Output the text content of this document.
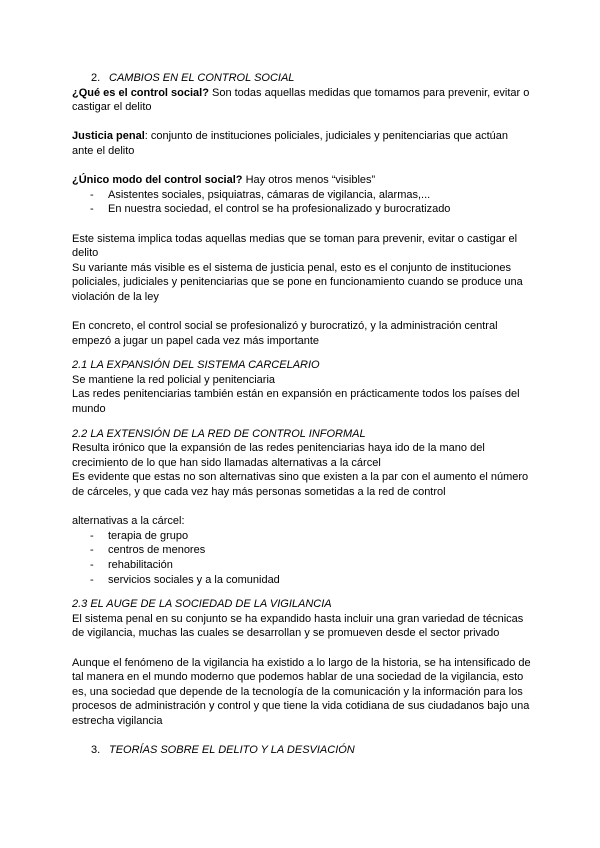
2. CAMBIOS EN EL CONTROL SOCIAL

¿Qué es el control social? Son todas aquellas medidas que tomamos para prevenir, evitar o castigar el delito

Justicia penal: conjunto de instituciones policiales, judiciales y penitenciarias que actúan ante el delito

¿Único modo del control social? Hay otros menos “visibles”

- Asistentes sociales, psiquiatras, cámaras de vigilancia, alarmas,...
- En nuestra sociedad, el control se ha profesionalizado y burocratizado

Este sistema implica todas aquellas medias que se toman para prevenir, evitar o castigar el delito

Su variante más visible es el sistema de justicia penal, esto es el conjunto de instituciones policiales, judiciales y penitenciarias que se pone en funcionamiento cuando se produce una violación de la ley

En concreto, el control social se profesionalizó y burocratizó, y la administración central empezó a jugar un papel cada vez más importante

2.1 LA EXPANSIÓN DEL SISTEMA CARCELARIO

Se mantiene la red policial y penitenciaria

Las redes penitenciarias también están en expansión en prácticamente todos los países del mundo

2.2 LA EXTENSIÓN DE LA RED DE CONTROL INFORMAL

Resulta irónico que la expansión de las redes penitenciarias haya ido de la mano del crecimiento de lo que han sido llamadas alternativas a la cárcel

Es evidente que estas no son alternativas sino que existen a la par con el aumento el número de cárceles, y que cada vez hay más personas sometidas a la red de control

alternativas a la cárcel:

- terapia de grupo
- centros de menores
- rehabilitación
- servicios sociales y a la comunidad

2.3 EL AUGE DE LA SOCIEDAD DE LA VIGILANCIA

El sistema penal en su conjunto se ha expandido hasta incluir una gran variedad de técnicas de vigilancia, muchas las cuales se desarrollan y se promueven desde el sector privado

Aunque el fenómeno de la vigilancia ha existido a lo largo de la historia, se ha intensificado de tal manera en el mundo moderno que podemos hablar de una sociedad de la vigilancia, esto es, una sociedad que depende de la tecnología de la comunicación y la información para los procesos de administración y control y que tiene la vida cotidiana de sus ciudadanos bajo una estrecha vigilancia

3. TEORÍAS SOBRE EL DELITO Y LA DESVIACIÓN
